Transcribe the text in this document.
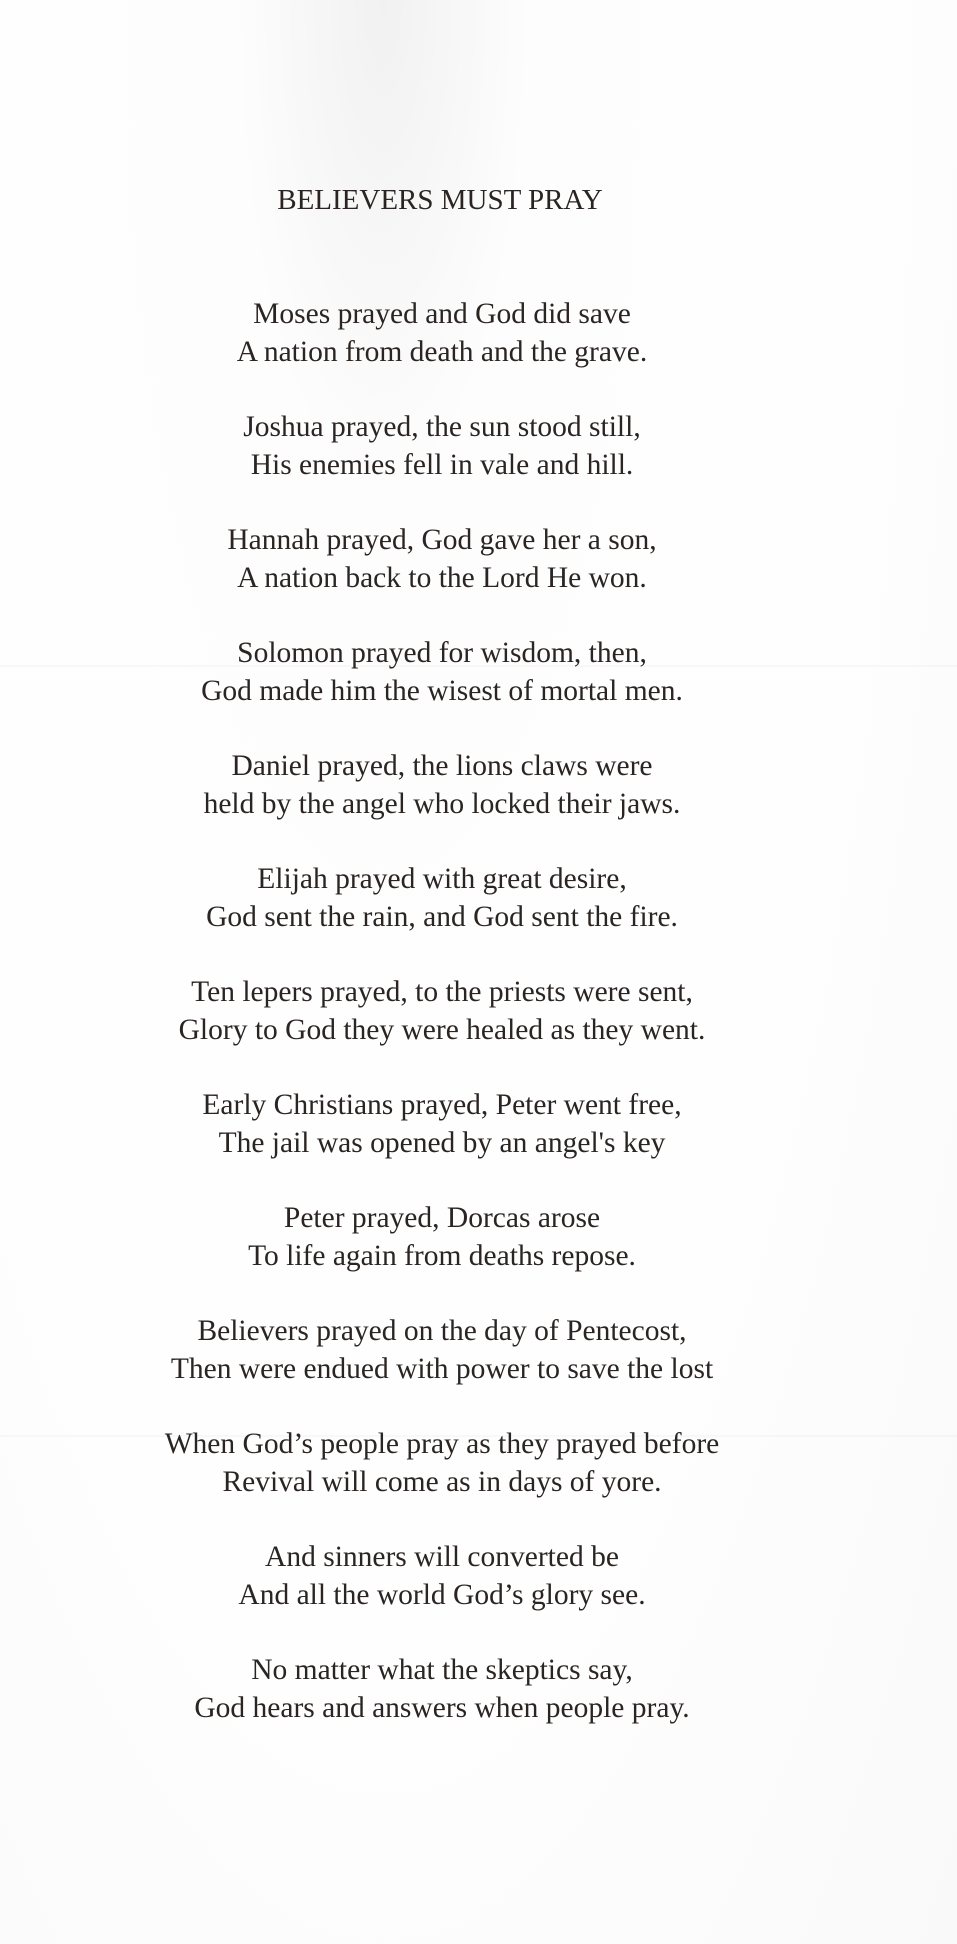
BELIEVERS MUST PRAY
Moses prayed and God did save
A nation from death and the grave.
Joshua prayed, the sun stood still,
His enemies fell in vale and hill.
Hannah prayed, God gave her a son,
A nation back to the Lord He won.
Solomon prayed for wisdom, then,
God made him the wisest of mortal men.
Daniel prayed, the lions claws were
held by the angel who locked their jaws.
Elijah prayed with great desire,
God sent the rain, and God sent the fire.
Ten lepers prayed, to the priests were sent,
Glory to God they were healed as they went.
Early Christians prayed, Peter went free,
The jail was opened by an angel's key
Peter prayed, Dorcas arose
To life again from deaths repose.
Believers prayed on the day of Pentecost,
Then were endued with power to save the lost
When God’s people pray as they prayed before
Revival will come as in days of yore.
And sinners will converted be
And all the world God’s glory see.
No matter what the skeptics say,
God hears and answers when people pray.
